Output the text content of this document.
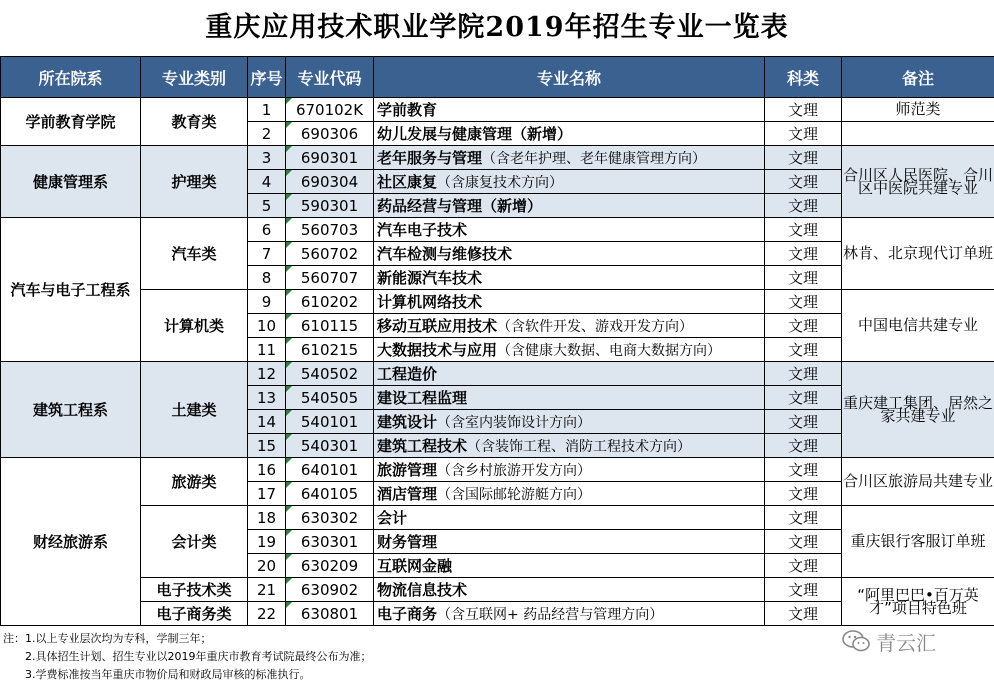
重庆应用技术职业学院2019年招生专业一览表
所在院系	专业类别	序号	专业代码	专业名称	科类	备注
学前教育学院	教育类	1	670102K	学前教育	文理	师范类
		2	690306	幼儿发展与健康管理（新增）	文理	
健康管理系	护理类	3	690301	老年服务与管理（含老年护理、老年健康管理方向）	文理	合川区人民医院、合川区中医院共建专业
		4	690304	社区康复（含康复技术方向）	文理	
		5	590301	药品经营与管理（新增）	文理	
汽车与电子工程系	汽车类	6	560703	汽车电子技术	文理	林肯、北京现代订单班
		7	560702	汽车检测与维修技术	文理	
		8	560707	新能源汽车技术	文理	
	计算机类	9	610202	计算机网络技术	文理	中国电信共建专业
		10	610115	移动互联应用技术（含软件开发、游戏开发方向）	文理	
		11	610215	大数据技术与应用（含健康大数据、电商大数据方向）	文理	
建筑工程系	土建类	12	540502	工程造价	文理	重庆建工集团、居然之家共建专业
		13	540505	建设工程监理	文理	
		14	540101	建筑设计（含室内装饰设计方向）	文理	
		15	540301	建筑工程技术（含装饰工程、消防工程技术方向）	文理	
财经旅游系	旅游类	16	640101	旅游管理（含乡村旅游开发方向）	文理	合川区旅游局共建专业
		17	640105	酒店管理（含国际邮轮游艇方向）	文理	
	会计类	18	630302	会计	文理	重庆银行客服订单班
		19	630301	财务管理	文理	
		20	630209	互联网金融	文理	
	电子技术类	21	630902	物流信息技术	文理	“阿里巴巴•百万英才”项目特色班
	电子商务类	22	630801	电子商务（含互联网+ 药品经营与管理方向）	文理	
注：1.以上专业层次均为专科，学制三年；
2.具体招生计划、招生专业以2019年重庆市教育考试院最终公布为准；
3.学费标准按当年重庆市物价局和财政局审核的标准执行。
青云汇
